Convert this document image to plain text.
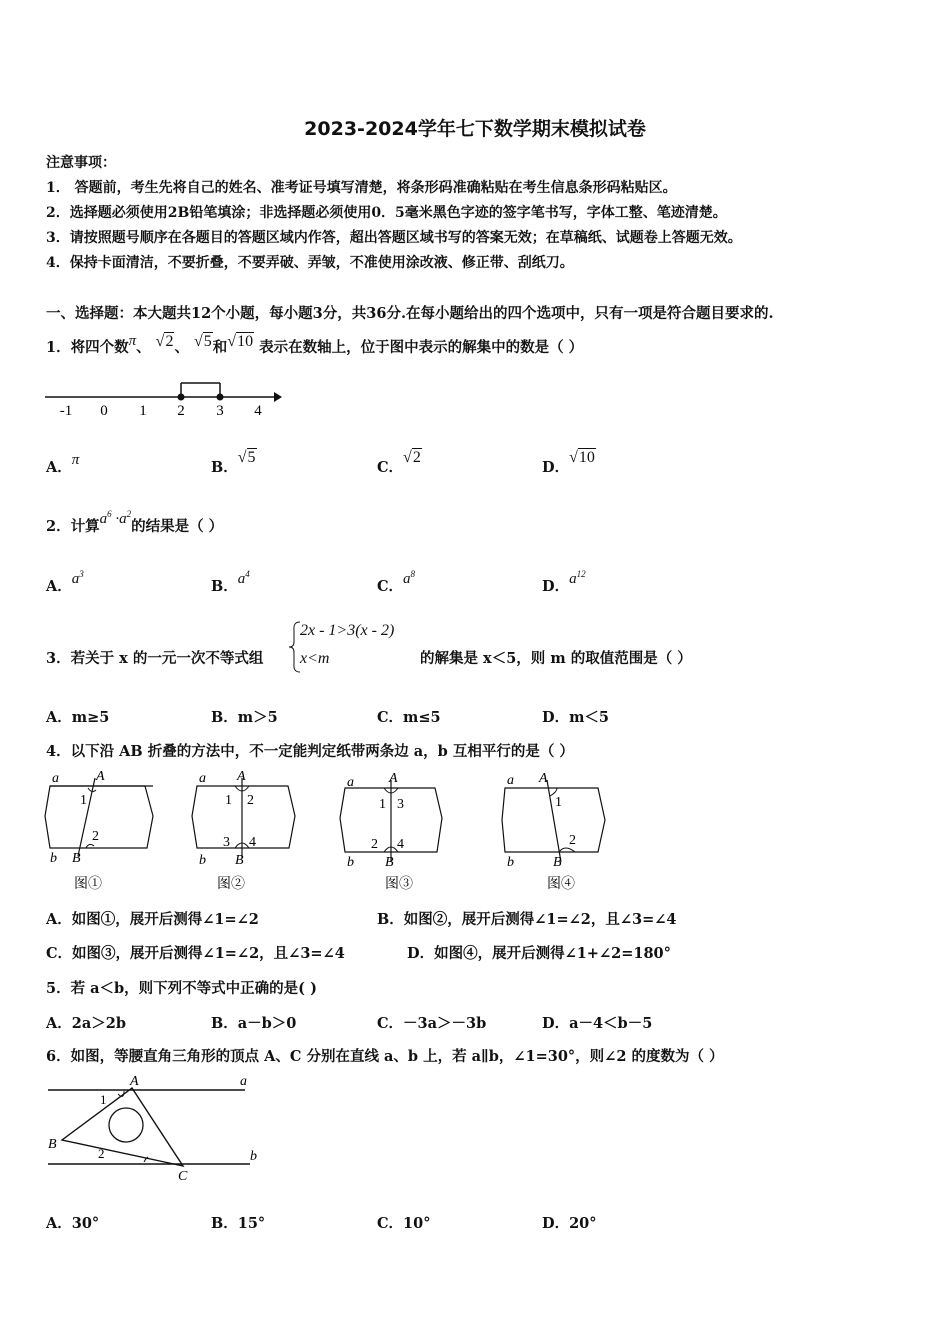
2023-2024学年七下数学期末模拟试卷
注意事项：
1． 答题前，考生先将自己的姓名、准考证号填写清楚，将条形码准确粘贴在考生信息条形码粘贴区。
2．选择题必须使用2B铅笔填涂；非选择题必须使用0．5毫米黑色字迹的签字笔书写，字体工整、笔迹清楚。
3．请按照题号顺序在各题目的答题区域内作答，超出答题区域书写的答案无效；在草稿纸、试题卷上答题无效。
4．保持卡面清洁，不要折叠，不要弄破、弄皱，不准使用涂改液、修正带、刮纸刀。
一、选择题：本大题共12个小题，每小题3分，共36分.在每小题给出的四个选项中，只有一项是符合题目要求的.
1．将四个数π、 √2、 √5和√10 表示在数轴上，位于图中表示的解集中的数是（ ）
-1 0 1 2 3 4
A．π	B．√5
C．√2
D．√10
2．计算$a^6 \cdot a^2$的结果是（ ）
A．$a^3$
B．$a^4$
C．$a^8$
D．$a^{12}$
3．若关于 x 的一元一次不等式组
2x - 1>3(x - 2)
x<m	的解集是 x＜5，则 m 的取值范围是（ ）
A．m≥5	B．m＞5	C．m≤5	D．m＜5
4．以下沿 AB 折叠的方法中，不一定能判定纸带两条边 a，b 互相平行的是（ ）
a	A
1
2
b B
图①
a A
1 2
3 4
b B
图②
a	A
1 3
2 4
b B
图③
a A
1
2
b	B
图④
A．如图①，展开后测得∠1=∠2	B．如图②，展开后测得∠1=∠2，且∠3=∠4
C．如图③，展开后测得∠1=∠2，且∠3=∠4	D．如图④，展开后测得∠1+∠2=180°
5．若 a＜b，则下列不等式中正确的是( )
A．2a＞2b	B．a－b＞0	C．－3a＞－3b	D．a－4＜b－5
6．如图，等腰直角三角形的顶点 A、C 分别在直线 a、b 上，若 a∥b，∠1=30°，则∠2 的度数为（ ）
A	a
B
b
C
1
2
A．30°	B．15°	C．10°	D．20°
